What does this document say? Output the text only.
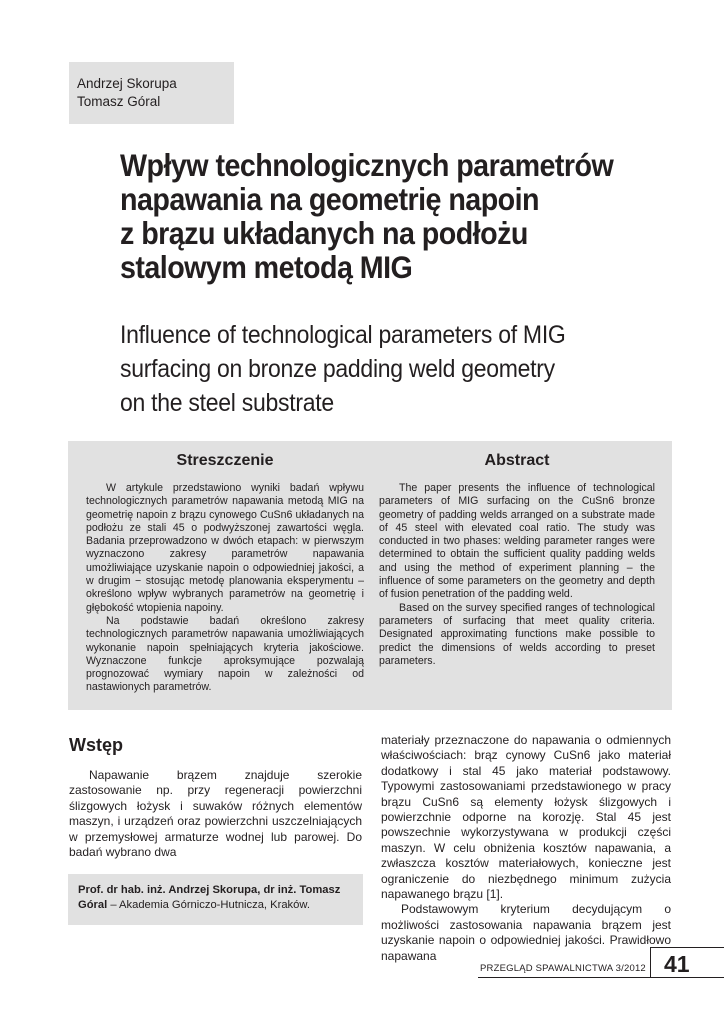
Andrzej Skorupa
Tomasz Góral
Wpływ technologicznych parametrów
napawania na geometrię napoin
z brązu układanych na podłożu
stalowym metodą MIG
Influence of technological parameters of MIG
surfacing on bronze padding weld geometry
on the steel substrate
Streszczenie

W artykule przedstawiono wyniki badań wpływu technologicznych parametrów napawania metodą MIG na geometrię napoin z brązu cynowego CuSn6 układanych na podłożu ze stali 45 o podwyższonej zawartości węgla. Badania przeprowadzono w dwóch etapach: w pierwszym wyznaczono zakresy parametrów napawania umożliwiające uzyskanie napoin o odpowiedniej jakości, a w drugim − stosując metodę planowania eksperymentu – określono wpływ wybranych parametrów na geometrię i głębokość wtopienia napoiny.

Na podstawie badań określono zakresy technologicznych parametrów napawania umożliwiających wykonanie napoin spełniających kryteria jakościowe. Wyznaczone funkcje aproksymujące pozwalają prognozować wymiary napoin w zależności od nastawionych parametrów.

Abstract

The paper presents the influence of technological parameters of MIG surfacing on the CuSn6 bronze geometry of padding welds arranged on a substrate made of 45 steel with elevated coal ratio. The study was conducted in two phases: welding parameter ranges were determined to obtain the sufficient quality padding welds and using the method of experiment planning – the influence of some parameters on the geometry and depth of fusion penetration of the padding weld.

Based on the survey specified ranges of technological parameters of surfacing that meet quality criteria. Designated approximating functions make possible to predict the dimensions of welds according to preset parameters.

Wstęp

Napawanie brązem znajduje szerokie zastosowanie np. przy regeneracji powierzchni ślizgowych łożysk i suwaków różnych elementów maszyn, i urządzeń oraz powierzchni uszczelniających w przemysłowej armaturze wodnej lub parowej. Do badań wybrano dwa

Prof. dr hab. inż. Andrzej Skorupa, dr inż. Tomasz Góral – Akademia Górniczo-Hutnicza, Kraków.

materiały przeznaczone do napawania o odmiennych właściwościach: brąz cynowy CuSn6 jako materiał dodatkowy i stal 45 jako materiał podstawowy. Typowymi zastosowaniami przedstawionego w pracy brązu CuSn6 są elementy łożysk ślizgowych i powierzchnie odporne na korozję. Stal 45 jest powszechnie wykorzystywana w produkcji części maszyn. W celu obniżenia kosztów napawania, a zwłaszcza kosztów materiałowych, konieczne jest ograniczenie do niezbędnego minimum zużycia napawanego brązu [1].

Podstawowym kryterium decydującym o możliwości zastosowania napawania brązem jest uzyskanie napoin o odpowiedniej jakości. Prawidłowo napawana

PRZEGLĄD SPAWALNICTWA 3/2012 41
